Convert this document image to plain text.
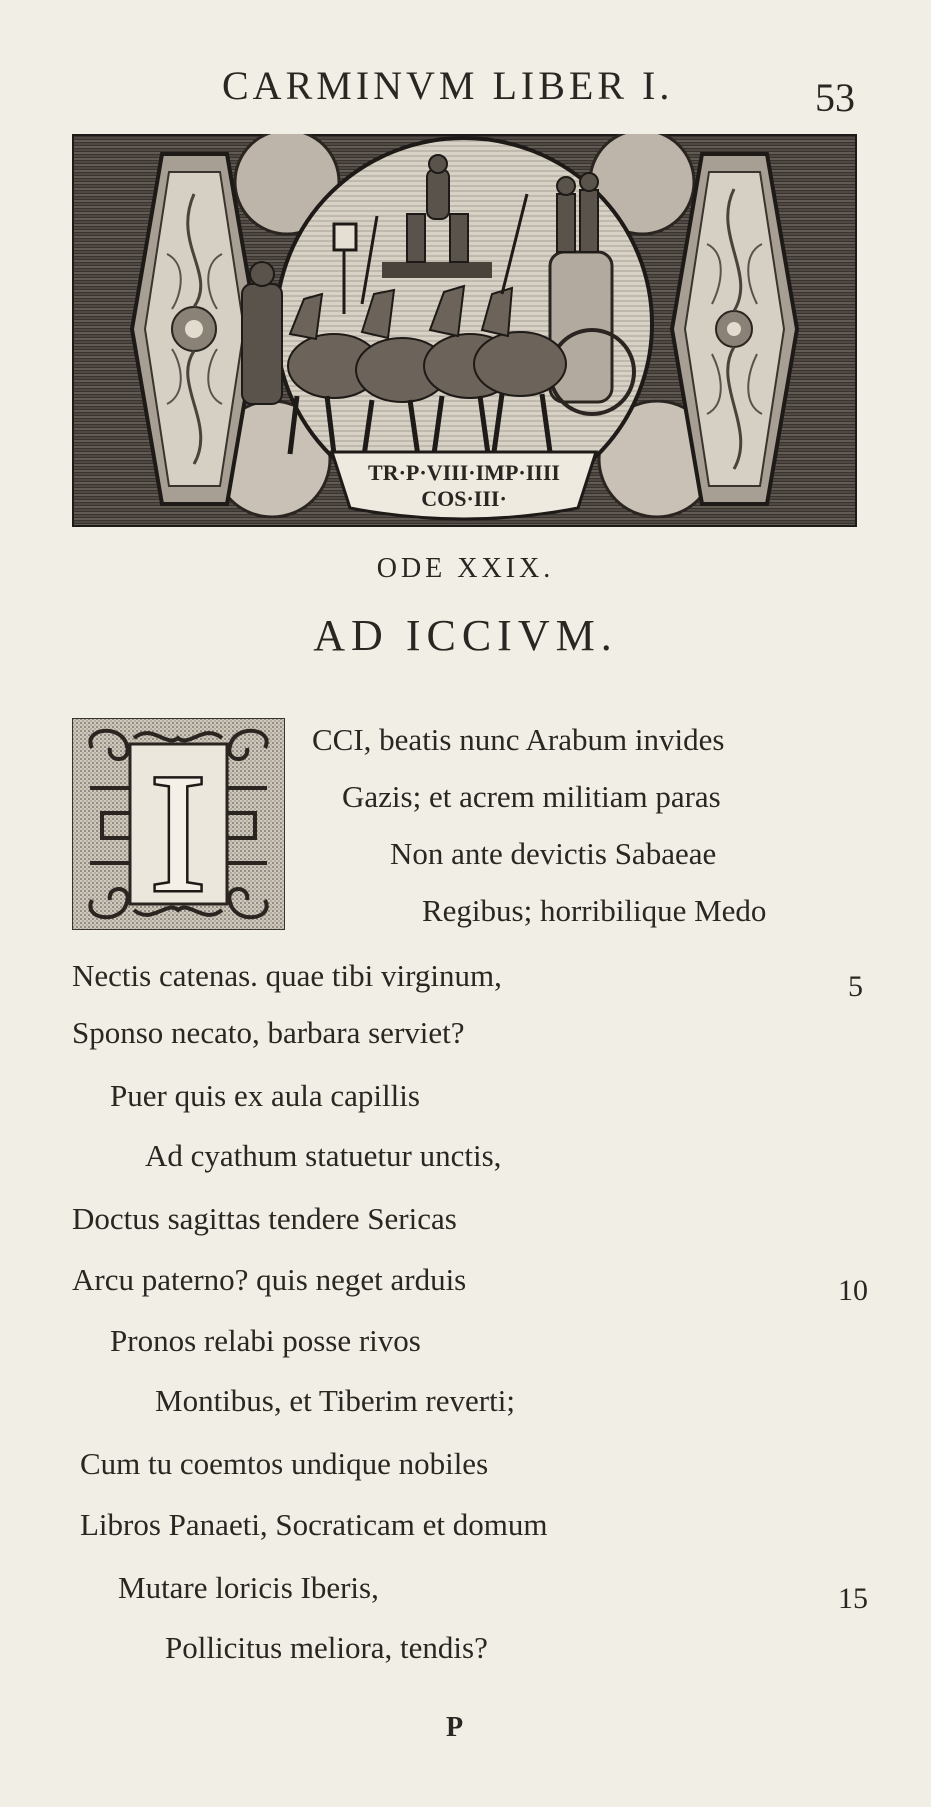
CARMINVM LIBER I.	53
TR·P·VIII·IMP·IIII
COS·III·
ODE XXIX.
AD ICCIVM.
I	CCI, beatis nunc Arabum invides
Gazis; et acrem militiam paras
Non ante devictis Sabaeae
Regibus; horribilique Medo
Nectis catenas. quae tibi virginum,	5
Sponso necato, barbara serviet?
Puer quis ex aula capillis
Ad cyathum statuetur unctis,
Doctus sagittas tendere Sericas
Arcu paterno? quis neget arduis	10
Pronos relabi posse rivos
Montibus, et Tiberim reverti;
Cum tu coemtos undique nobiles
Libros Panaeti, Socraticam et domum
Mutare loricis Iberis,	15
Pollicitus meliora, tendis?
P
